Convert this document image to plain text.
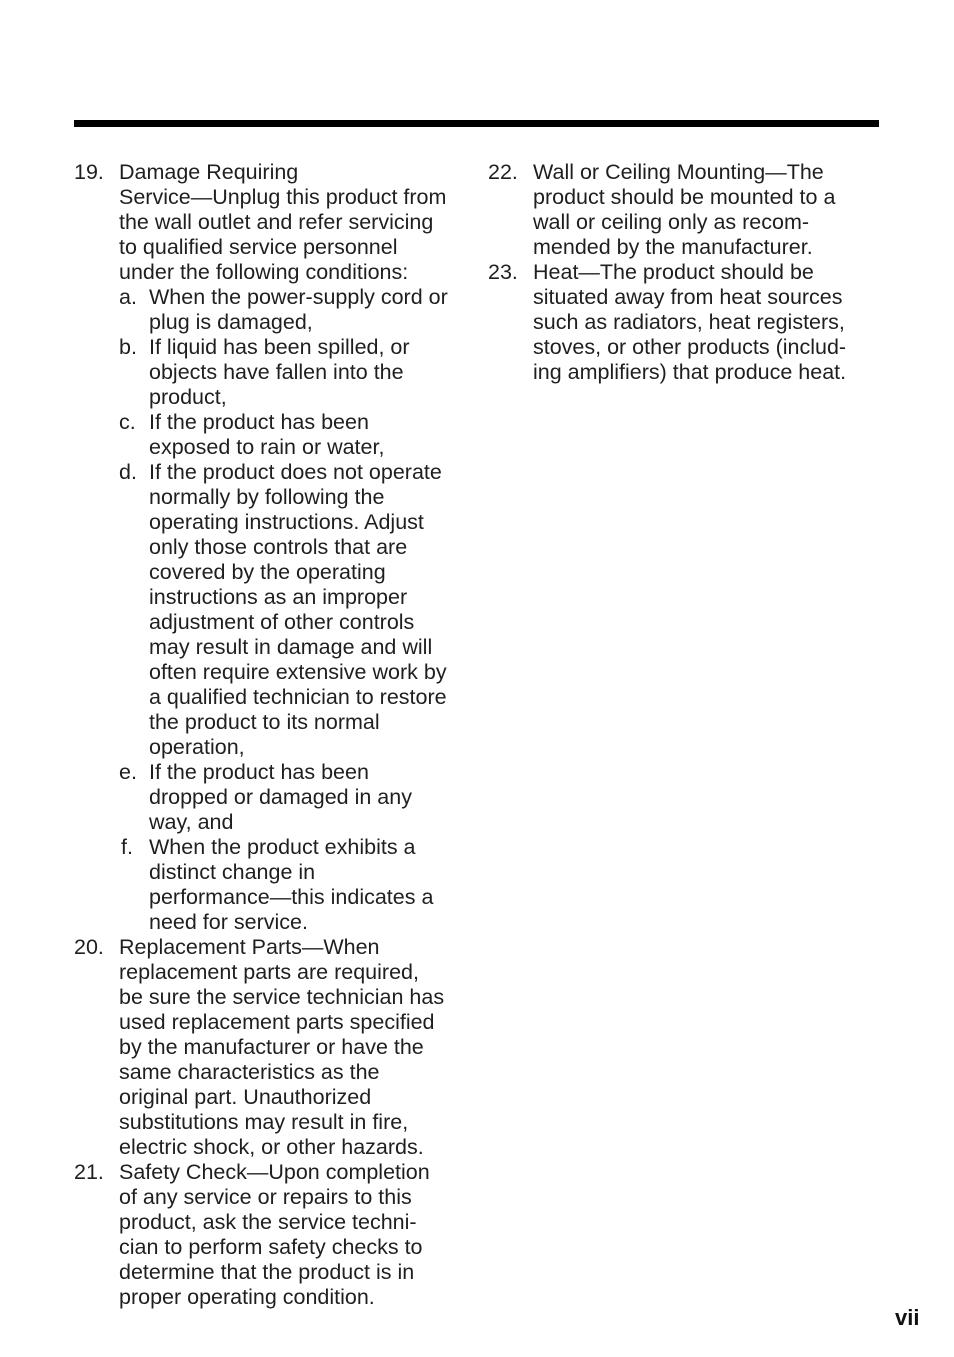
19. Damage Requiring
Service—Unplug this product from
the wall outlet and refer servicing
to qualified service personnel
under the following conditions:
a. When the power-supply cord or
plug is damaged,
b. If liquid has been spilled, or
objects have fallen into the
product,
c. If the product has been
exposed to rain or water,
d. If the product does not operate
normally by following the
operating instructions. Adjust
only those controls that are
covered by the operating
instructions as an improper
adjustment of other controls
may result in damage and will
often require extensive work by
a qualified technician to restore
the product to its normal
operation,
e. If the product has been
dropped or damaged in any
way, and
f. When the product exhibits a
distinct change in
performance—this indicates a
need for service.
20. Replacement Parts—When
replacement parts are required,
be sure the service technician has
used replacement parts specified
by the manufacturer or have the
same characteristics as the
original part. Unauthorized
substitutions may result in fire,
electric shock, or other hazards.
21. Safety Check—Upon completion
of any service or repairs to this
product, ask the service techni-
cian to perform safety checks to
determine that the product is in
proper operating condition.
22. Wall or Ceiling Mounting—The
product should be mounted to a
wall or ceiling only as recom-
mended by the manufacturer.
23. Heat—The product should be
situated away from heat sources
such as radiators, heat registers,
stoves, or other products (includ-
ing amplifiers) that produce heat.
vii
